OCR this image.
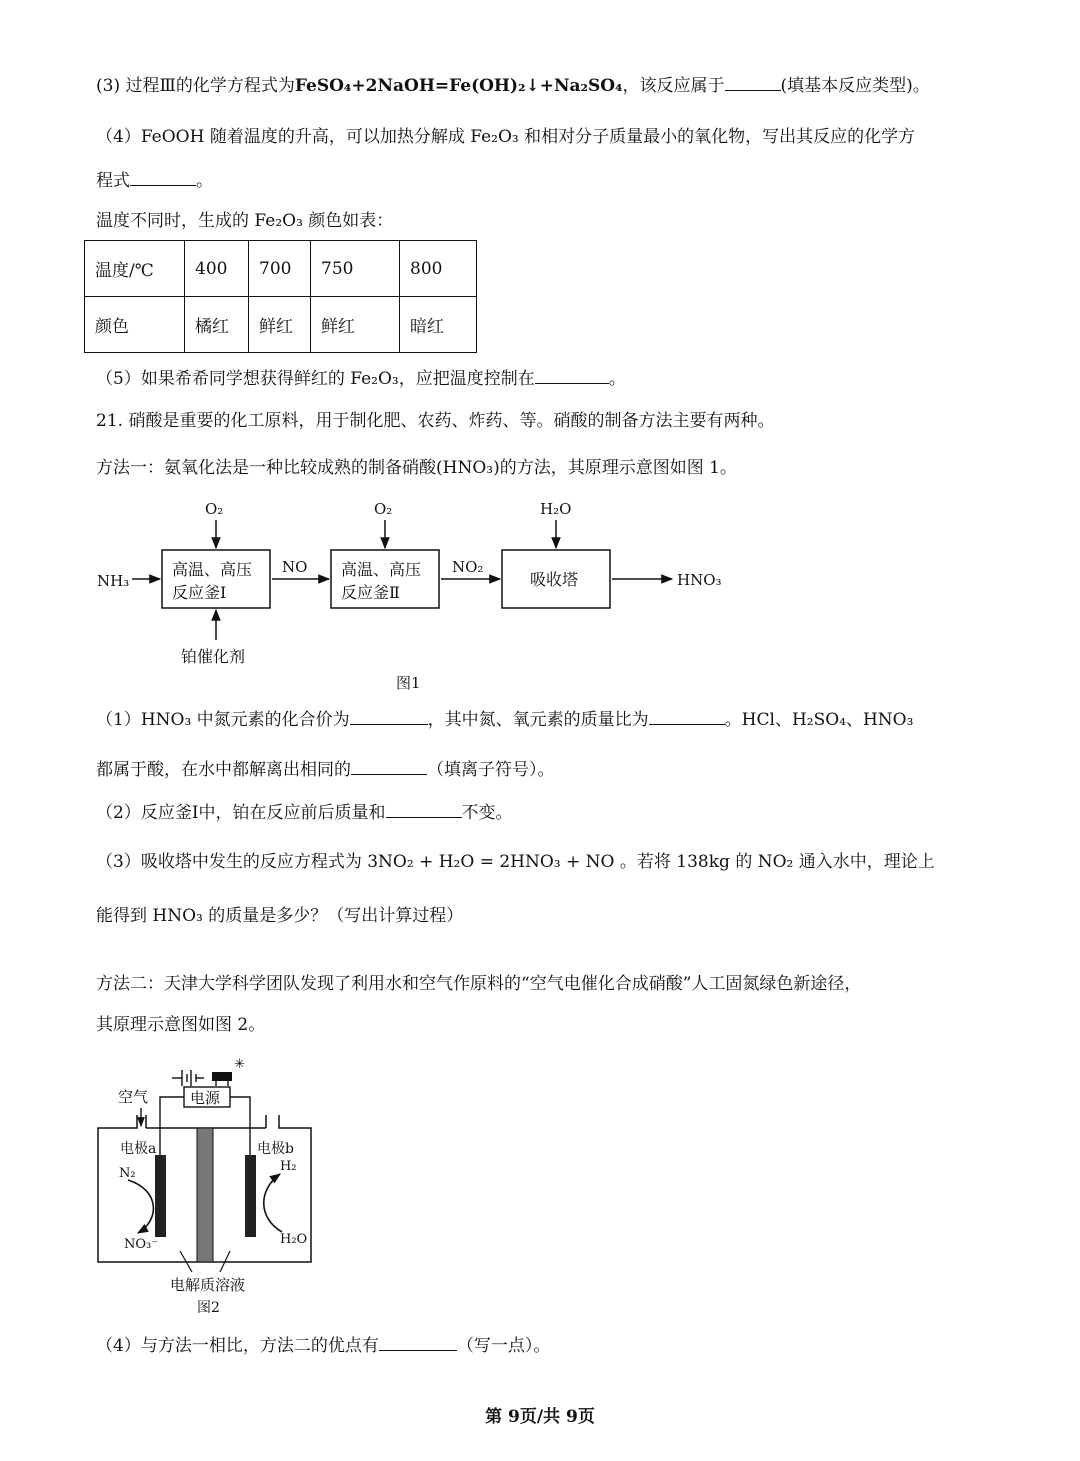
(3) 过程Ⅲ的化学方程式为FeSO₄+2NaOH=Fe(OH)₂↓+Na₂SO₄，该反应属于	(填基本反应类型)。
（4）FeOOH 随着温度的升高，可以加热分解成 Fe₂O₃ 和相对分子质量最小的氧化物，写出其反应的化学方
程式	。
温度不同时，生成的 Fe₂O₃ 颜色如表：
温度/℃	400	700	750	800
颜色	橘红	鲜红	鲜红	暗红
（5）如果希希同学想获得鲜红的 Fe₂O₃，应把温度控制在	。
21. 硝酸是重要的化工原料，用于制化肥、农药、炸药、等。硝酸的制备方法主要有两种。
方法一：氨氧化法是一种比较成熟的制备硝酸(HNO₃)的方法，其原理示意图如图 1。
O₂	O₂	H₂O
NH₃
高温、高压
反应釜Ⅰ
NO 高温、高压
反应釜Ⅱ
NO₂
吸收塔	HNO₃
铂催化剂
图1
（1）HNO₃ 中氮元素的化合价为	，其中氮、氧元素的质量比为	。HCl、H₂SO₄、HNO₃
都属于酸，在水中都解离出相同的	（填离子符号）。
（2）反应釜Ⅰ中，铂在反应前后质量和	不变。
（3）吸收塔中发生的反应方程式为 3NO₂ + H₂O = 2HNO₃ + NO 。若将 138kg 的 NO₂ 通入水中，理论上
能得到 HNO₃ 的质量是多少？（写出计算过程）
方法二：天津大学科学团队发现了利用水和空气作原料的“空气电催化合成硝酸”人工固氮绿色新途径，
其原理示意图如图 2。
✳
电源
空气
电极a	电极b
N₂
NO₃⁻
H₂
H₂O
电解质溶液
图2
（4）与方法一相比，方法二的优点有	（写一点）。
第 9页/共 9页
